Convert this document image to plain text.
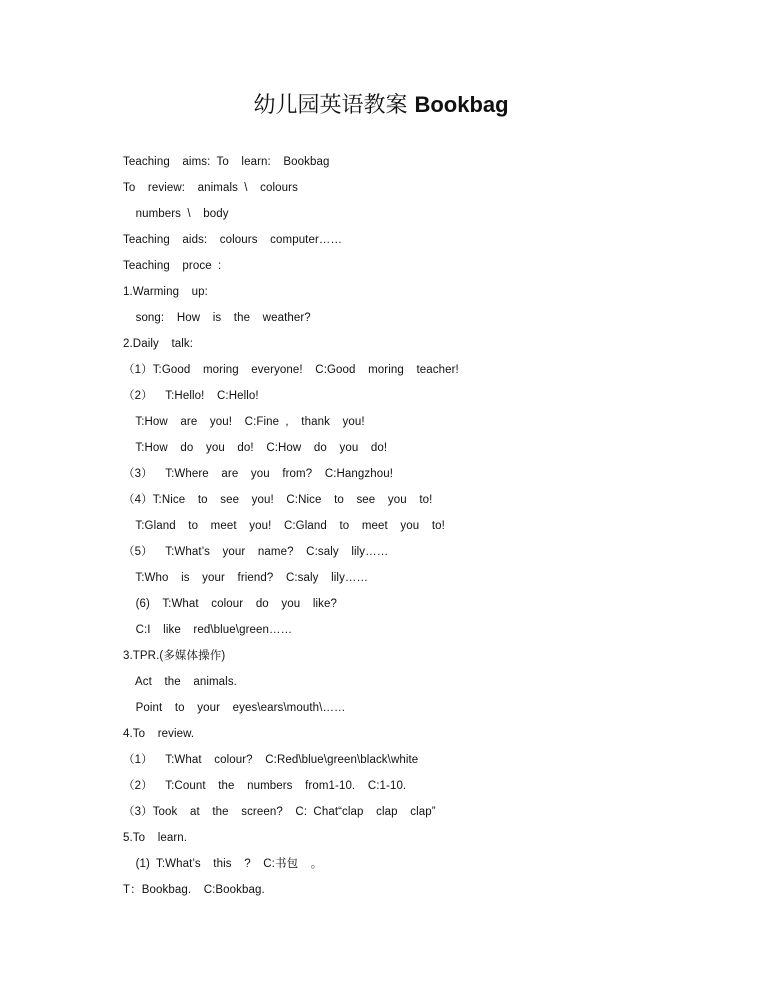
幼儿园英语教案 Bookbag
Teaching  aims: To  learn:  Bookbag
To  review:  animals \  colours
numbers \  body
Teaching  aids:  colours  computer……
Teaching  proce :
1.Warming  up:
song:  How  is  the  weather?
2.Daily  talk:
（1）T:Good  moring  everyone!  C:Good  moring  teacher!
（2）  T:Hello!  C:Hello!
T:How  are  you!  C:Fine ,  thank  you!
T:How  do  you  do!  C:How  do  you  do!
（3）  T:Where  are  you  from?  C:Hangzhou!
（4）T:Nice  to  see  you!  C:Nice  to  see  you  to!
T:Gland  to  meet  you!  C:Gland  to  meet  you  to!
（5）  T:What’s  your  name?  C:saly  lily……
T:Who  is  your  friend?  C:saly  lily……
(6)  T:What  colour  do  you  like?
C:I  like  red\blue\green……
3.TPR.(多媒体操作)
Act  the  animals.
Point  to  your  eyes\ears\mouth\……
4.To  review.
（1）  T:What  colour?  C:Red\blue\green\black\white
（2）  T:Count  the  numbers  from1-10.  C:1-10.
（3）Took  at  the  screen?  C: Chat“clap  clap  clap”
5.To  learn.
(1) T:What’s  this  ?  C:书包  。
T：Bookbag.  C:Bookbag.
